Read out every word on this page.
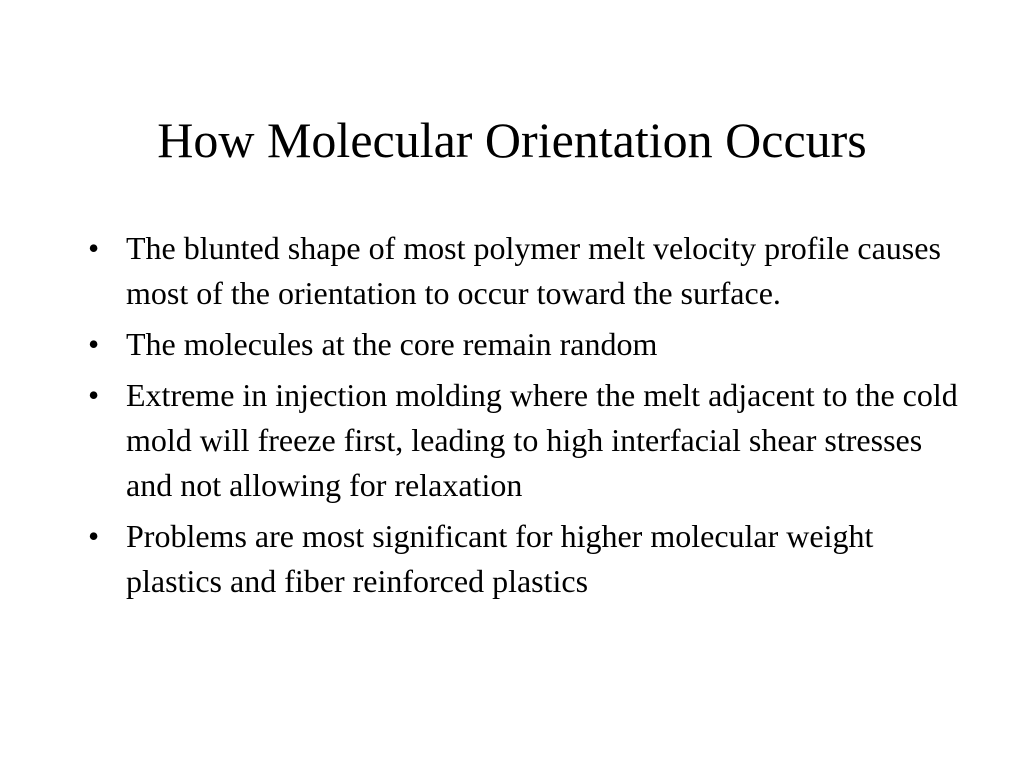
How Molecular Orientation Occurs
• The blunted shape of most polymer melt velocity profile causes most of the orientation to occur toward the surface.
• The molecules at the core remain random
• Extreme in injection molding where the melt adjacent to the cold mold will freeze first, leading to high interfacial shear stresses and not allowing for relaxation
• Problems are most significant for higher molecular weight plastics and fiber reinforced plastics
